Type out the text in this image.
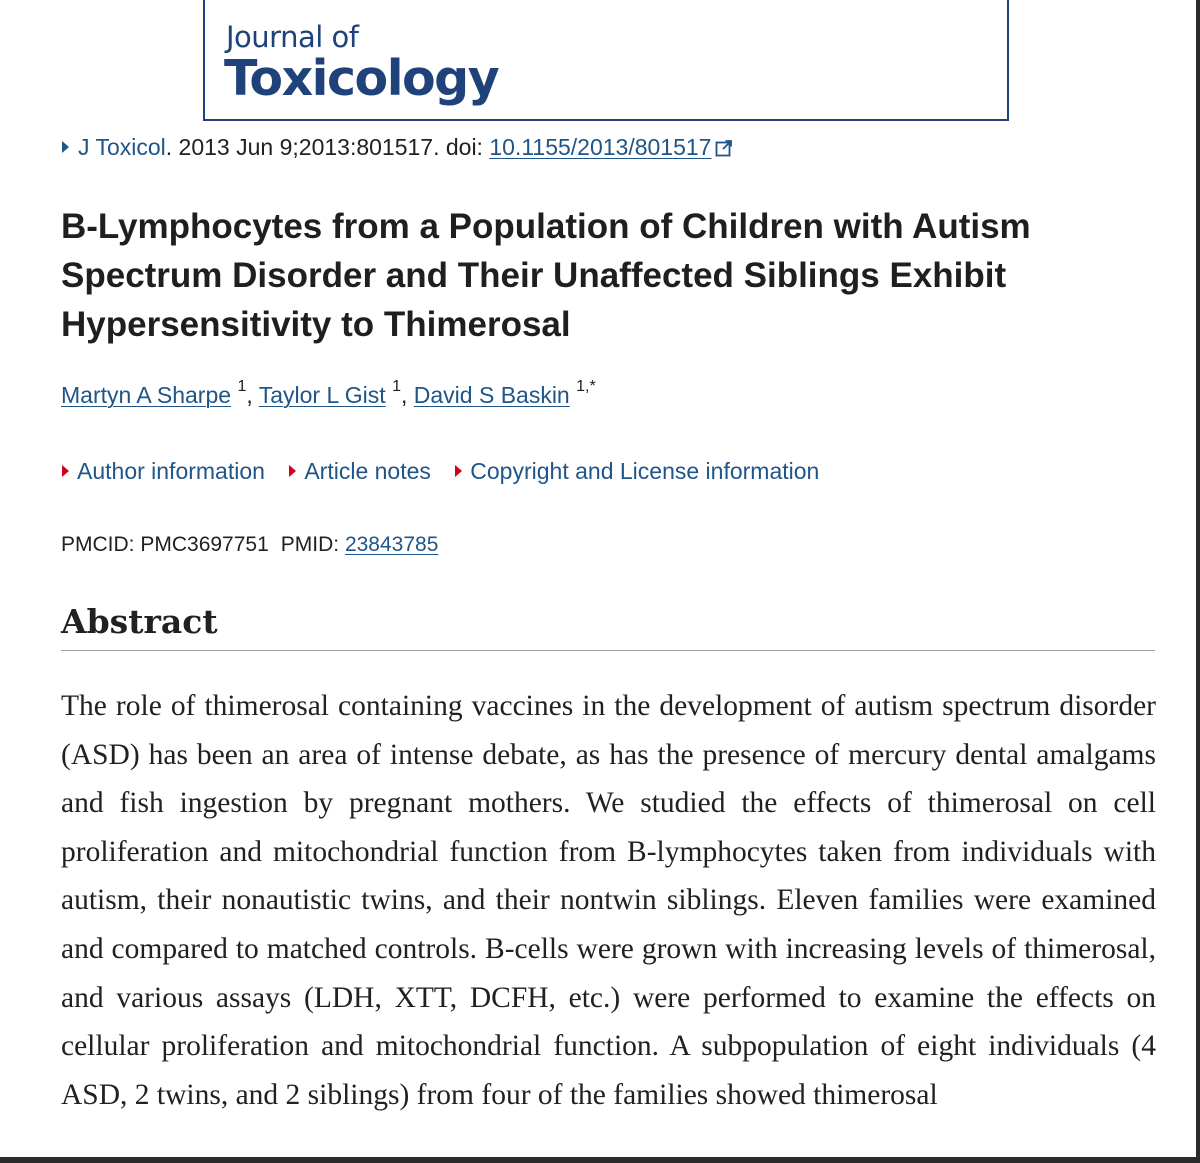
Journal of
Toxicology
J Toxicol. 2013 Jun 9;2013:801517. doi: 10.1155/2013/801517
B-Lymphocytes from a Population of Children with Autism Spectrum Disorder and Their Unaffected Siblings Exhibit Hypersensitivity to Thimerosal
Martyn A Sharpe $^1$, Taylor L Gist $^1$, David S Baskin $^{1,*}$
Author information Article notes Copyright and License information
PMCID: PMC3697751 PMID: 23843785
Abstract

The role of thimerosal containing vaccines in the development of autism spectrum disorder (ASD) has been an area of intense debate, as has the presence of mercury dental amalgams and fish ingestion by pregnant mothers. We studied the effects of thimerosal on cell proliferation and mitochondrial function from B-lymphocytes taken from individuals with autism, their nonautistic twins, and their nontwin siblings. Eleven families were examined and compared to matched controls. B-cells were grown with increasing levels of thimerosal, and various assays (LDH, XTT, DCFH, etc.) were performed to examine the effects on cellular proliferation and mitochondrial function. A subpopulation of eight individuals (4 ASD, 2 twins, and 2 siblings) from four of the families showed thimerosal
